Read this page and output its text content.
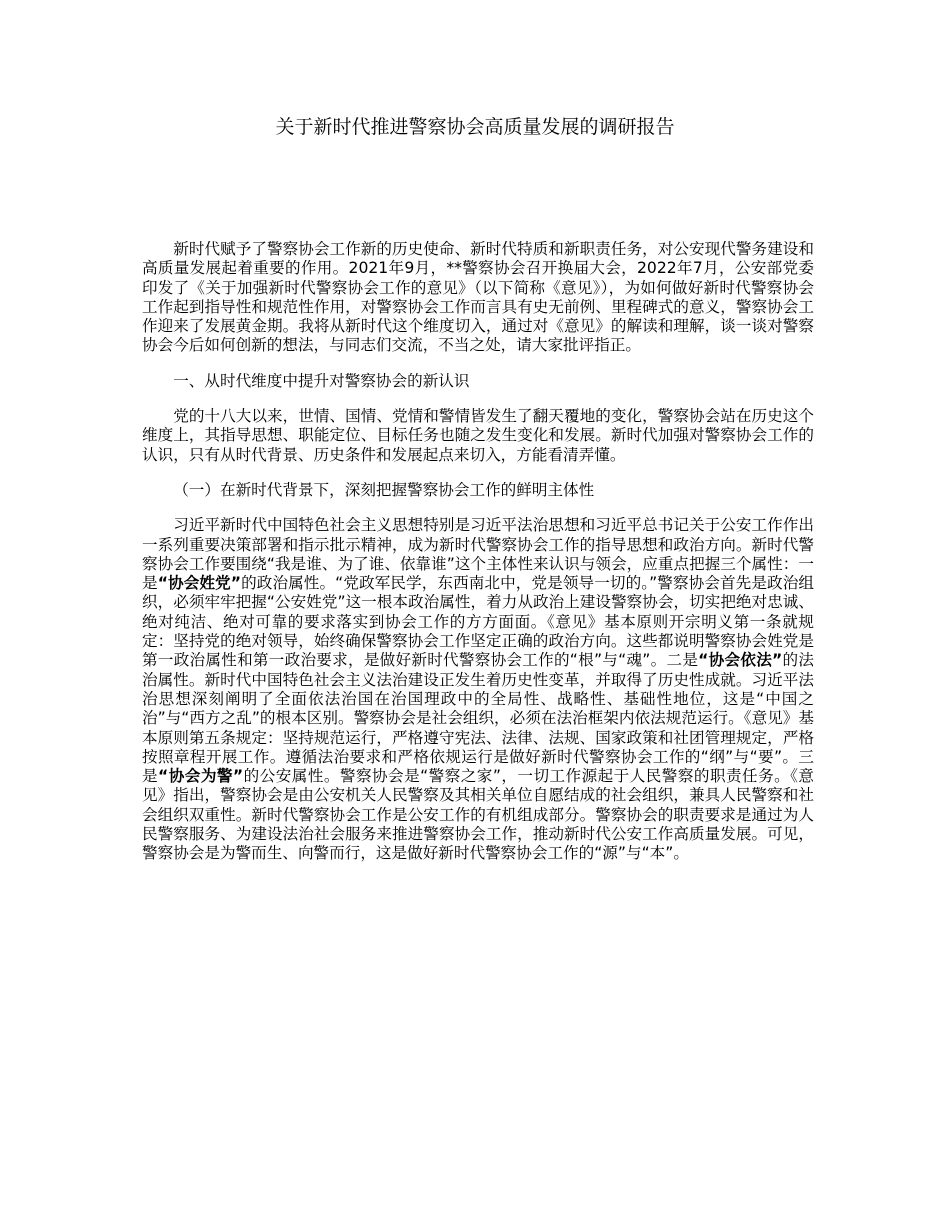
关于新时代推进警察协会高质量发展的调研报告

新时代赋予了警察协会工作新的历史使命、新时代特质和新职责任务，对公安现代警务建设和高质量发展起着重要的作用。2021年9月，**警察协会召开换届大会，2022年7月，公安部党委印发了《关于加强新时代警察协会工作的意见》（以下简称《意见》），为如何做好新时代警察协会工作起到指导性和规范性作用，对警察协会工作而言具有史无前例、里程碑式的意义，警察协会工作迎来了发展黄金期。我将从新时代这个维度切入，通过对《意见》的解读和理解，谈一谈对警察协会今后如何创新的想法，与同志们交流，不当之处，请大家批评指正。

一、从时代维度中提升对警察协会的新认识

党的十八大以来，世情、国情、党情和警情皆发生了翻天覆地的变化，警察协会站在历史这个维度上，其指导思想、职能定位、目标任务也随之发生变化和发展。新时代加强对警察协会工作的认识，只有从时代背景、历史条件和发展起点来切入，方能看清弄懂。

（一）在新时代背景下，深刻把握警察协会工作的鲜明主体性

习近平新时代中国特色社会主义思想特别是习近平法治思想和习近平总书记关于公安工作作出一系列重要决策部署和指示批示精神，成为新时代警察协会工作的指导思想和政治方向。新时代警察协会工作要围绕“我是谁、为了谁、依靠谁”这个主体性来认识与领会，应重点把握三个属性：一是“协会姓党”的政治属性。“党政军民学，东西南北中，党是领导一切的。”警察协会首先是政治组织，必须牢牢把握“公安姓党”这一根本政治属性，着力从政治上建设警察协会，切实把绝对忠诚、绝对纯洁、绝对可靠的要求落实到协会工作的方方面面。《意见》基本原则开宗明义第一条就规定：坚持党的绝对领导，始终确保警察协会工作坚定正确的政治方向。这些都说明警察协会姓党是第一政治属性和第一政治要求，是做好新时代警察协会工作的“根”与“魂”。二是“协会依法”的法治属性。新时代中国特色社会主义法治建设正发生着历史性变革，并取得了历史性成就。习近平法治思想深刻阐明了全面依法治国在治国理政中的全局性、战略性、基础性地位，这是“中国之治”与“西方之乱”的根本区别。警察协会是社会组织，必须在法治框架内依法规范运行。《意见》基本原则第五条规定：坚持规范运行，严格遵守宪法、法律、法规、国家政策和社团管理规定，严格按照章程开展工作。遵循法治要求和严格依规运行是做好新时代警察协会工作的“纲”与“要”。三是“协会为警”的公安属性。警察协会是“警察之家”，一切工作源起于人民警察的职责任务。《意见》指出，警察协会是由公安机关人民警察及其相关单位自愿结成的社会组织，兼具人民警察和社会组织双重性。新时代警察协会工作是公安工作的有机组成部分。警察协会的职责要求是通过为人民警察服务、为建设法治社会服务来推进警察协会工作，推动新时代公安工作高质量发展。可见，警察协会是为警而生、向警而行，这是做好新时代警察协会工作的“源”与“本”。
